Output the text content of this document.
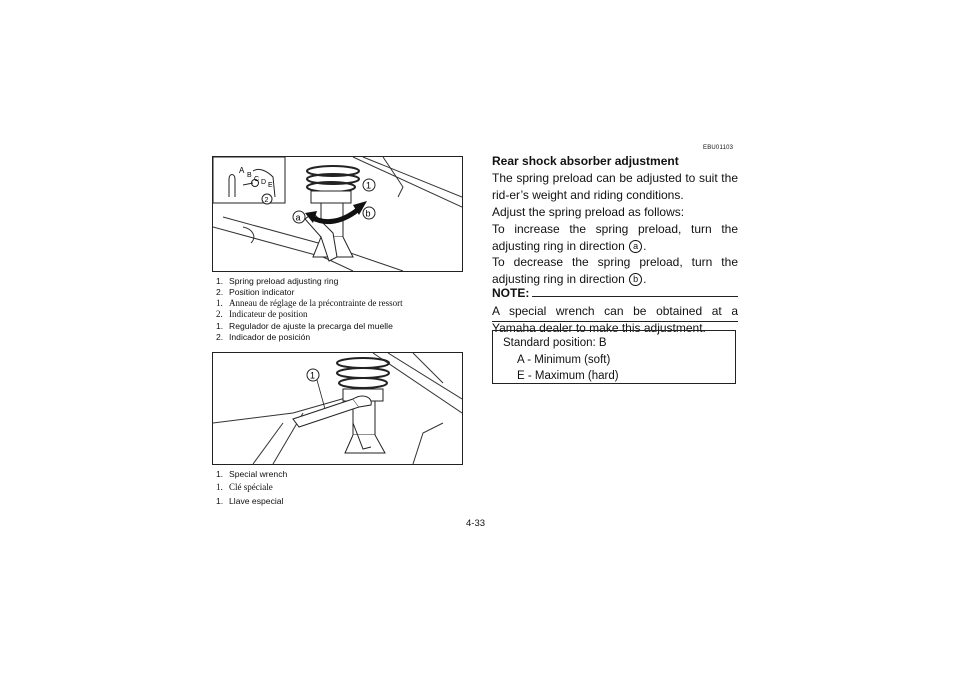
A
B
C D E
2
1
a	b
1. Spring preload adjusting ring
2. Position indicator
1. Anneau de réglage de la précontrainte de ressort
2. Indicateur de position
1. Regulador de ajuste la precarga del muelle
2. Indicador de posición
1
1. Special wrench
1. Clé spéciale
1. Llave especial
EBU01103
Rear shock absorber adjustment
The spring preload can be adjusted to suit the rid-er’s weight and riding conditions.
Adjust the spring preload as follows:
To increase the spring preload, turn the adjusting ring in direction a .
To decrease the spring preload, turn the adjusting ring in direction b .
NOTE:
A special wrench can be obtained at a Yamaha dealer to make this adjustment.
Standard position: B
A - Minimum (soft)
E - Maximum (hard)
4-33
